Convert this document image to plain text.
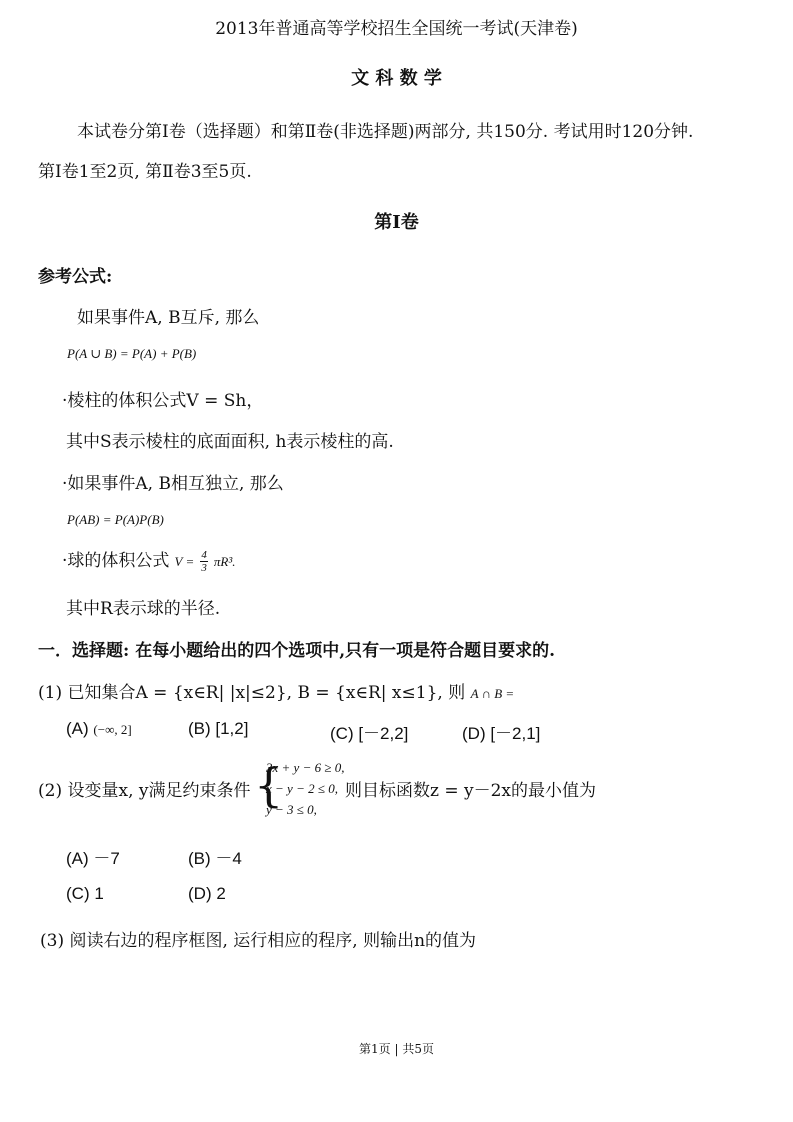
2013年普通高等学校招生全国统一考试(天津卷)
文 科 数 学
本试卷分第Ⅰ卷（选择题）和第Ⅱ卷(非选择题)两部分, 共150分. 考试用时120分钟.
第Ⅰ卷1至2页, 第Ⅱ卷3至5页.
第Ⅰ卷
参考公式:
如果事件A, B互斥, 那么
P(A ∪ B) = P(A) + P(B)
·棱柱的体积公式V = Sh，
其中S表示棱柱的底面面积, h表示棱柱的高.
·如果事件A, B相互独立, 那么
P(AB) = P(A)P(B)
·球的体积公式 $V = \frac{4}{3} \pi R^3$.
其中R表示球的半径.
一．选择题: 在每小题给出的四个选项中,只有一项是符合题目要求的.
(1) 已知集合A = {x∈R| |x|≤2}, B = {x∈R| x≤1}, 则 A ∩ B =
(A) (−∞, 2]	(B) [1,2]	(C) [－2,2]	(D) [－2,1]
(2) 设变量x, y满足约束条件 {
3x + y − 6 ≥ 0,
x − y − 2 ≤ 0,
y − 3 ≤ 0,
则目标函数z = y－2x的最小值为
(A) －7	(B) －4
(C) 1	(D) 2
(3) 阅读右边的程序框图, 运行相应的程序, 则输出n的值为
第1页 | 共5页
